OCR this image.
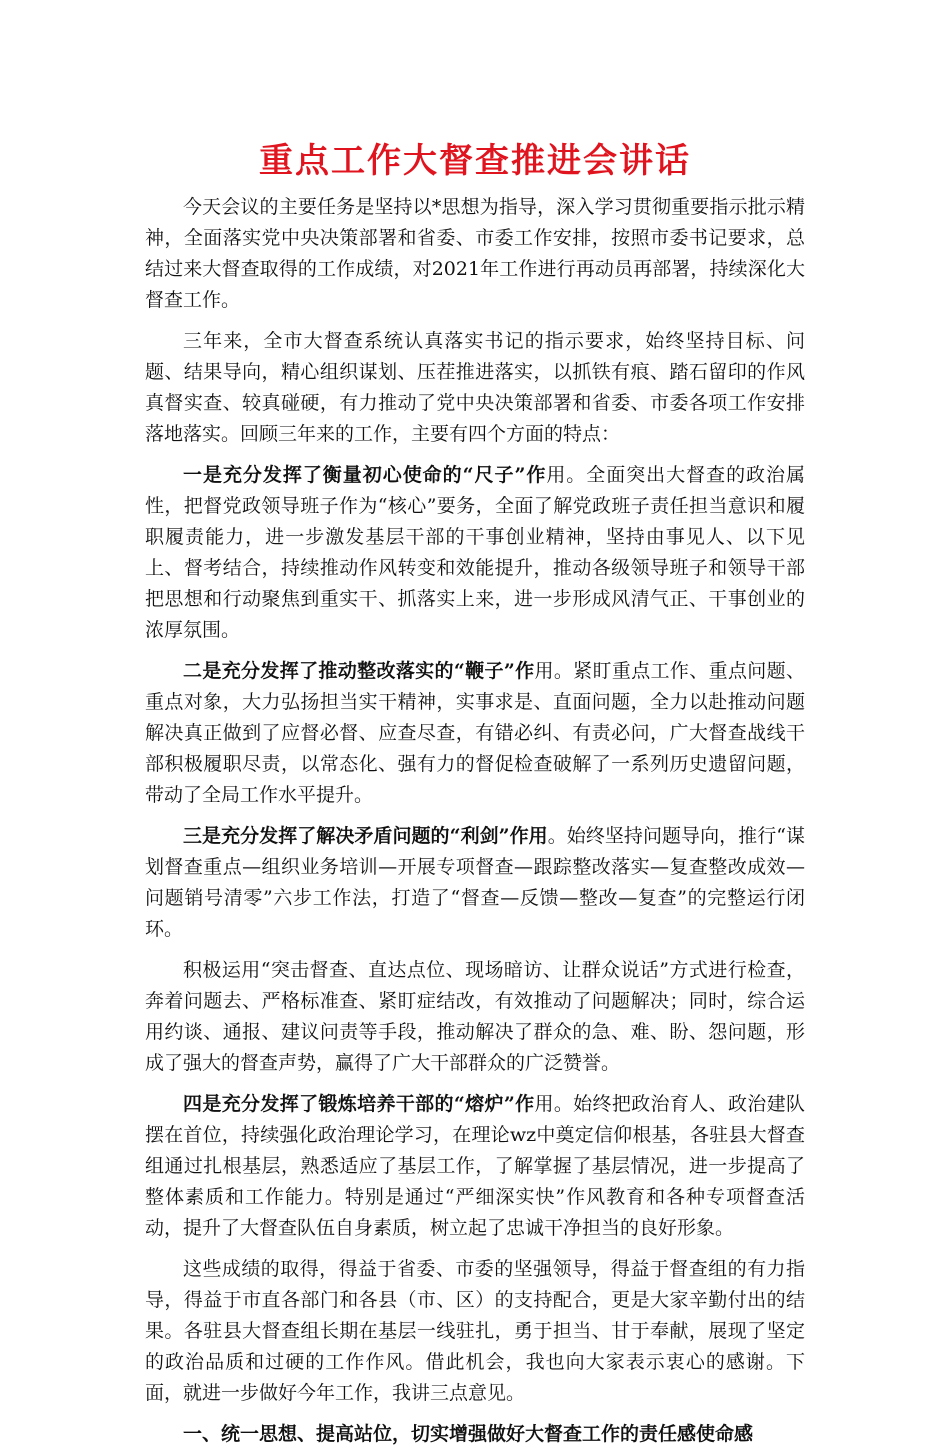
重点工作大督查推进会讲话

今天会议的主要任务是坚持以*思想为指导，深入学习贯彻重要指示批示精神，全面落实党中央决策部署和省委、市委工作安排，按照市委书记要求，总结过来大督查取得的工作成绩，对2021年工作进行再动员再部署，持续深化大督查工作。

三年来，全市大督查系统认真落实书记的指示要求，始终坚持目标、问题、结果导向，精心组织谋划、压茬推进落实，以抓铁有痕、踏石留印的作风真督实查、较真碰硬，有力推动了党中央决策部署和省委、市委各项工作安排落地落实。回顾三年来的工作，主要有四个方面的特点：

一是充分发挥了衡量初心使命的“尺子”作用。全面突出大督查的政治属性，把督党政领导班子作为“核心”要务，全面了解党政班子责任担当意识和履职履责能力，进一步激发基层干部的干事创业精神，坚持由事见人、以下见上、督考结合，持续推动作风转变和效能提升，推动各级领导班子和领导干部把思想和行动聚焦到重实干、抓落实上来，进一步形成风清气正、干事创业的浓厚氛围。

二是充分发挥了推动整改落实的“鞭子”作用。紧盯重点工作、重点问题、重点对象，大力弘扬担当实干精神，实事求是、直面问题，全力以赴推动问题解决真正做到了应督必督、应查尽查，有错必纠、有责必问，广大督查战线干部积极履职尽责，以常态化、强有力的督促检查破解了一系列历史遗留问题，带动了全局工作水平提升。

三是充分发挥了解决矛盾问题的“利剑”作用。始终坚持问题导向，推行“谋划督查重点—组织业务培训—开展专项督查—跟踪整改落实—复查整改成效—问题销号清零”六步工作法，打造了“督查—反馈—整改—复查”的完整运行闭环。

积极运用“突击督查、直达点位、现场暗访、让群众说话”方式进行检查，奔着问题去、严格标准查、紧盯症结改，有效推动了问题解决；同时，综合运用约谈、通报、建议问责等手段，推动解决了群众的急、难、盼、怨问题，形成了强大的督查声势，赢得了广大干部群众的广泛赞誉。

四是充分发挥了锻炼培养干部的“熔炉”作用。始终把政治育人、政治建队摆在首位，持续强化政治理论学习，在理论wz中奠定信仰根基，各驻县大督查组通过扎根基层，熟悉适应了基层工作，了解掌握了基层情况，进一步提高了整体素质和工作能力。特别是通过“严细深实快”作风教育和各种专项督查活动，提升了大督查队伍自身素质，树立起了忠诚干净担当的良好形象。

这些成绩的取得，得益于省委、市委的坚强领导，得益于督查组的有力指导，得益于市直各部门和各县（市、区）的支持配合，更是大家辛勤付出的结果。各驻县大督查组长期在基层一线驻扎，勇于担当、甘于奉献，展现了坚定的政治品质和过硬的工作作风。借此机会，我也向大家表示衷心的感谢。下面，就进一步做好今年工作，我讲三点意见。

一、统一思想、提高站位，切实增强做好大督查工作的责任感使命感
